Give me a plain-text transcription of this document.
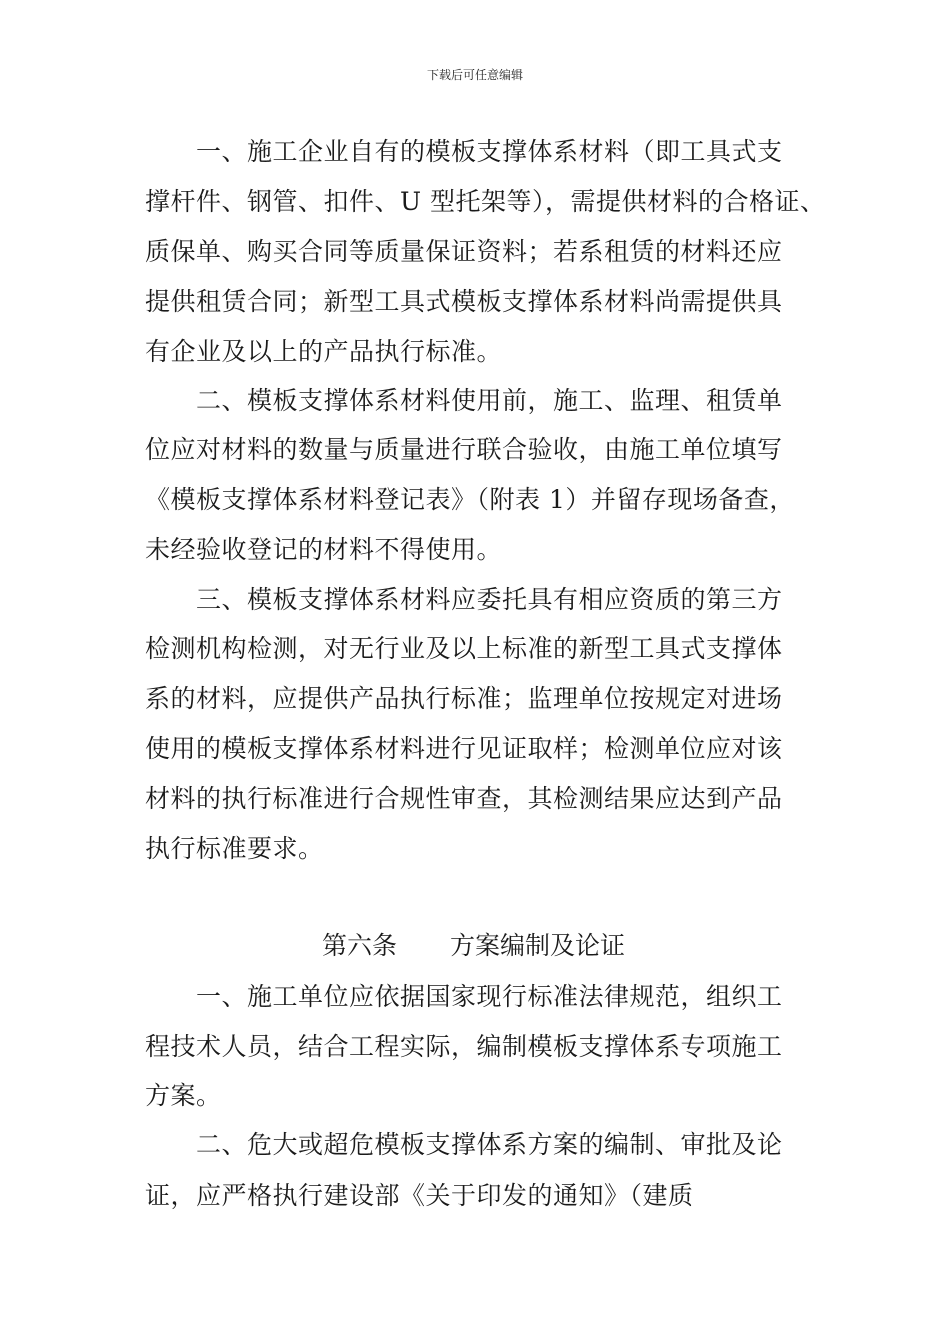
下载后可任意编辑
一、施工企业自有的模板支撑体系材料（即工具式支
撑杆件、钢管、扣件、U 型托架等），需提供材料的合格证、
质保单、购买合同等质量保证资料；若系租赁的材料还应
提供租赁合同；新型工具式模板支撑体系材料尚需提供具
有企业及以上的产品执行标准。
二、模板支撑体系材料使用前，施工、监理、租赁单
位应对材料的数量与质量进行联合验收，由施工单位填写
《模板支撑体系材料登记表》（附表 1）并留存现场备查，
未经验收登记的材料不得使用。
三、模板支撑体系材料应委托具有相应资质的第三方
检测机构检测，对无行业及以上标准的新型工具式支撑体
系的材料，应提供产品执行标准；监理单位按规定对进场
使用的模板支撑体系材料进行见证取样；检测单位应对该
材料的执行标准进行合规性审查，其检测结果应达到产品
执行标准要求。
第六条 方案编制及论证
一、施工单位应依据国家现行标准法律规范，组织工
程技术人员，结合工程实际，编制模板支撑体系专项施工
方案。
二、危大或超危模板支撑体系方案的编制、审批及论
证，应严格执行建设部《关于印发的通知》（建质
